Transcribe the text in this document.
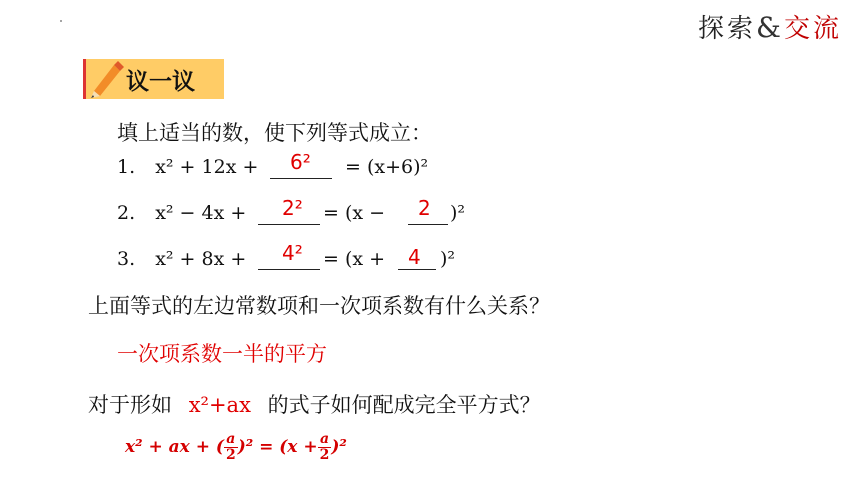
探索&交流
议一议
填上适当的数，使下列等式成立：
1. x² + 12x + 6² = (x+6)²
2. x² − 4x + 2² = (x − 2 )²
3. x² + 8x + 4² = (x + 4 )²
上面等式的左边常数项和一次项系数有什么关系？
一次项系数一半的平方
对于形如 x²+ax 的式子如何配成完全平方式？
x² + ax + ( $\frac{a}{2} )^2 = (x + \frac{a}{2} )^2$
